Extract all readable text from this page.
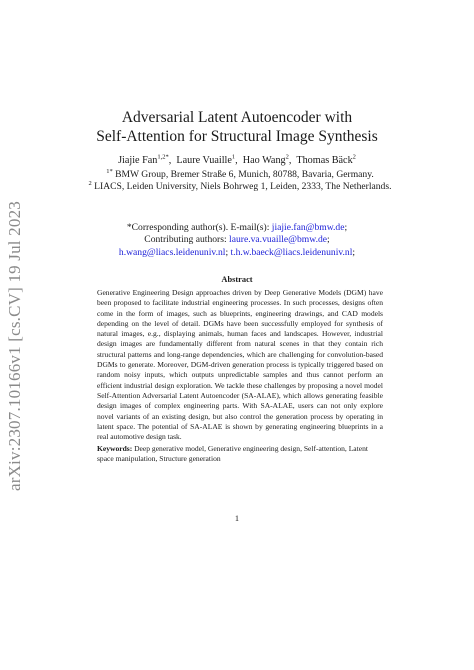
arXiv:2307.10166v1 [cs.CV] 19 Jul 2023
Adversarial Latent Autoencoder with
Self-Attention for Structural Image Synthesis
Jiajie Fan$^{1,2*}$,  Laure Vuaille$^1$,  Hao Wang$^2$,  Thomas Bäck$^2$
$^{1*}$ BMW Group, Bremer Straße 6, Munich, 80788, Bavaria, Germany.
$^2$ LIACS, Leiden University, Niels Bohrweg 1, Leiden, 2333, The Netherlands.
*Corresponding author(s). E-mail(s): jiajie.fan@bmw.de;
Contributing authors: laure.va.vuaille@bmw.de;
h.wang@liacs.leidenuniv.nl; t.h.w.baeck@liacs.leidenuniv.nl;
Abstract
Generative Engineering Design approaches driven by Deep Generative Models (DGM) have been proposed to facilitate industrial engineering processes. In such processes, designs often come in the form of images, such as blueprints, engineering drawings, and CAD models depending on the level of detail. DGMs have been successfully employed for synthesis of natural images, e.g., displaying animals, human faces and landscapes. However, industrial design images are fundamentally different from natural scenes in that they contain rich structural patterns and long-range dependencies, which are challenging for convolution-based DGMs to generate. Moreover, DGM-driven generation process is typically triggered based on random noisy inputs, which outputs unpredictable samples and thus cannot perform an efficient industrial design exploration. We tackle these challenges by proposing a novel model Self-Attention Adversarial Latent Autoencoder (SA-ALAE), which allows generating feasible design images of complex engineering parts. With SA-ALAE, users can not only explore novel variants of an existing design, but also control the generation process by operating in latent space. The potential of SA-ALAE is shown by generating engineering blueprints in a real automotive design task.
Keywords: Deep generative model, Generative engineering design, Self-attention, Latent space manipulation, Structure generation
1
